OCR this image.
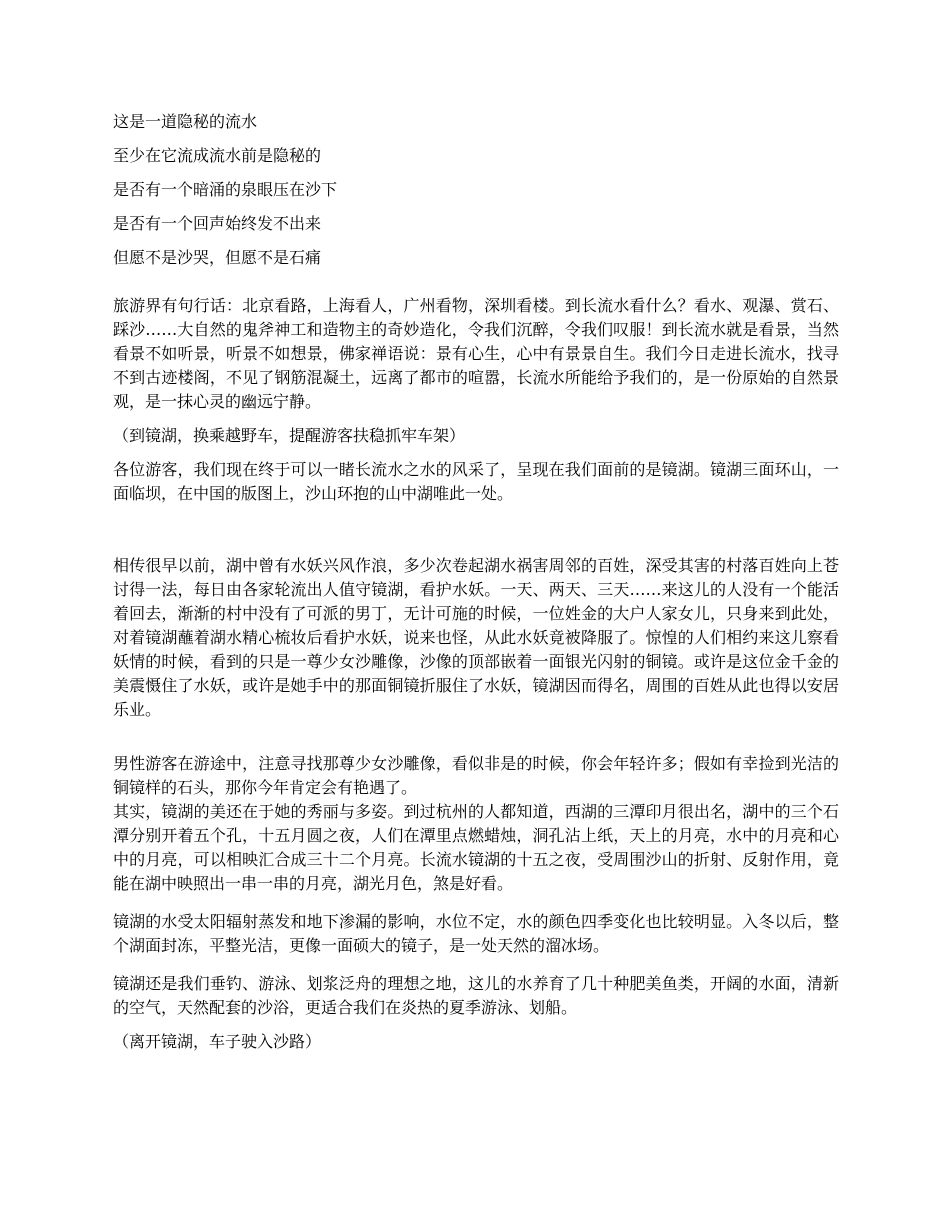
这是一道隐秘的流水

至少在它流成流水前是隐秘的

是否有一个暗涌的泉眼压在沙下

是否有一个回声始终发不出来

但愿不是沙哭，但愿不是石痛

旅游界有句行话：北京看路，上海看人，广州看物，深圳看楼。到长流水看什么？看水、观瀑、赏石、踩沙……大自然的鬼斧神工和造物主的奇妙造化，令我们沉醉，令我们叹服！到长流水就是看景，当然看景不如听景，听景不如想景，佛家禅语说：景有心生，心中有景景自生。我们今日走进长流水，找寻不到古迹楼阁，不见了钢筋混凝土，远离了都市的喧嚣，长流水所能给予我们的，是一份原始的自然景观，是一抹心灵的幽远宁静。

（到镜湖，换乘越野车，提醒游客扶稳抓牢车架）

各位游客，我们现在终于可以一睹长流水之水的风采了，呈现在我们面前的是镜湖。镜湖三面环山，一面临坝，在中国的版图上，沙山环抱的山中湖唯此一处。

相传很早以前，湖中曾有水妖兴风作浪，多少次卷起湖水祸害周邻的百姓，深受其害的村落百姓向上苍讨得一法，每日由各家轮流出人值守镜湖，看护水妖。一天、两天、三天……来这儿的人没有一个能活着回去，渐渐的村中没有了可派的男丁，无计可施的时候，一位姓金的大户人家女儿，只身来到此处，对着镜湖蘸着湖水精心梳妆后看护水妖，说来也怪，从此水妖竟被降服了。惊惶的人们相约来这儿察看妖情的时候，看到的只是一尊少女沙雕像，沙像的顶部嵌着一面银光闪射的铜镜。或许是这位金千金的美震慑住了水妖，或许是她手中的那面铜镜折服住了水妖，镜湖因而得名，周围的百姓从此也得以安居乐业。

男性游客在游途中，注意寻找那尊少女沙雕像，看似非是的时候，你会年轻许多；假如有幸捡到光洁的铜镜样的石头，那你今年肯定会有艳遇了。

其实，镜湖的美还在于她的秀丽与多姿。到过杭州的人都知道，西湖的三潭印月很出名，湖中的三个石潭分别开着五个孔，十五月圆之夜，人们在潭里点燃蜡烛，洞孔沾上纸，天上的月亮，水中的月亮和心中的月亮，可以相映汇合成三十二个月亮。长流水镜湖的十五之夜，受周围沙山的折射、反射作用，竟能在湖中映照出一串一串的月亮，湖光月色，煞是好看。

镜湖的水受太阳辐射蒸发和地下渗漏的影响，水位不定，水的颜色四季变化也比较明显。入冬以后，整个湖面封冻，平整光洁，更像一面硕大的镜子，是一处天然的溜冰场。

镜湖还是我们垂钓、游泳、划浆泛舟的理想之地，这儿的水养育了几十种肥美鱼类，开阔的水面，清新的空气，天然配套的沙浴，更适合我们在炎热的夏季游泳、划船。

（离开镜湖，车子驶入沙路）
